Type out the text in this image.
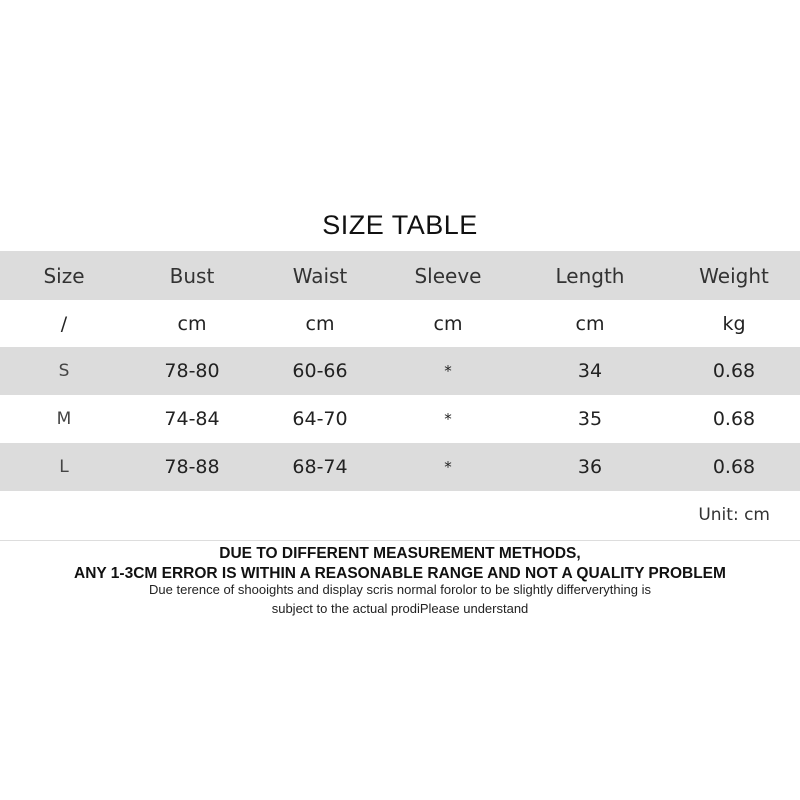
SIZE TABLE
Size	Bust	Waist	Sleeve	Length	Weight
/	cm	cm	cm	cm	kg
S	78-80	60-66	*	34	0.68
M	74-84	64-70	*	35	0.68
L	78-88	68-74	*	36	0.68
Unit: cm
DUE TO DIFFERENT MEASUREMENT METHODS,
ANY 1-3CM ERROR IS WITHIN A REASONABLE RANGE AND NOT A QUALITY PROBLEM
Due terence of shooights and display scris normal forolor to be slightly differverything is
subject to the actual prodiPlease understand
